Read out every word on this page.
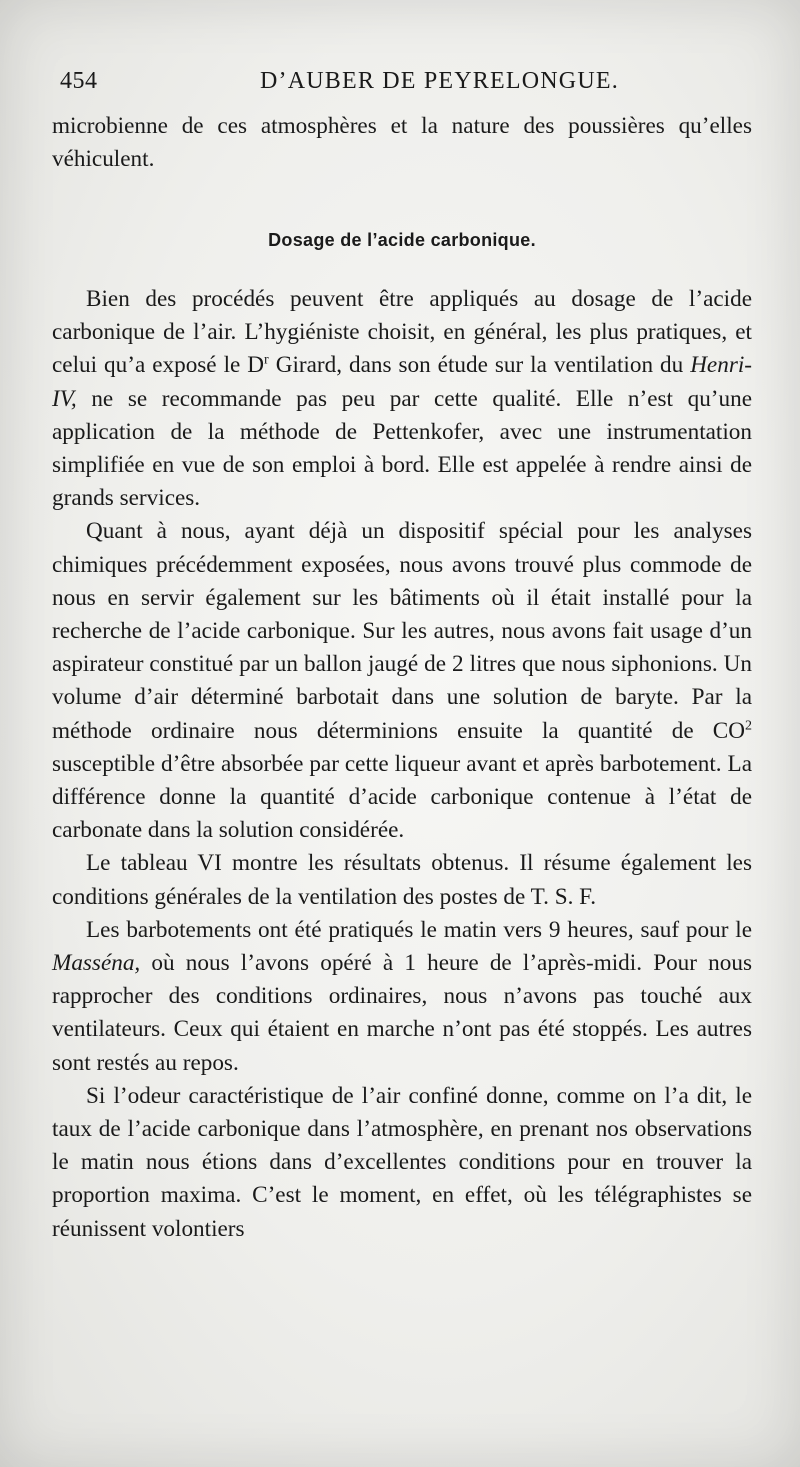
454	D’AUBER DE PEYRELONGUE.

microbienne de ces atmosphères et la nature des poussières qu’elles véhiculent.

Dosage de l’acide carbonique.

Bien des procédés peuvent être appliqués au dosage de l’acide carbonique de l’air. L’hygiéniste choisit, en général, les plus pratiques, et celui qu’a exposé le $D^r$ Girard, dans son étude sur la ventilation du Henri-IV, ne se recommande pas peu par cette qualité. Elle n’est qu’une application de la méthode de Pettenkofer, avec une instrumentation simplifiée en vue de son emploi à bord. Elle est appelée à rendre ainsi de grands services.

Quant à nous, ayant déjà un dispositif spécial pour les analyses chimiques précédemment exposées, nous avons trouvé plus commode de nous en servir également sur les bâtiments où il était installé pour la recherche de l’acide carbonique. Sur les autres, nous avons fait usage d’un aspirateur constitué par un ballon jaugé de 2 litres que nous siphonions. Un volume d’air déterminé barbotait dans une solution de baryte. Par la méthode ordinaire nous déterminions ensuite la quantité de $CO^2$ susceptible d’être absorbée par cette liqueur avant et après barbotement. La différence donne la quantité d’acide carbonique contenue à l’état de carbonate dans la solution considérée.

Le tableau VI montre les résultats obtenus. Il résume également les conditions générales de la ventilation des postes de T. S. F.

Les barbotements ont été pratiqués le matin vers 9 heures, sauf pour le Masséna, où nous l’avons opéré à 1 heure de l’après-midi. Pour nous rapprocher des conditions ordinaires, nous n’avons pas touché aux ventilateurs. Ceux qui étaient en marche n’ont pas été stoppés. Les autres sont restés au repos.

Si l’odeur caractéristique de l’air confiné donne, comme on l’a dit, le taux de l’acide carbonique dans l’atmosphère, en prenant nos observations le matin nous étions dans d’excellentes conditions pour en trouver la proportion maxima. C’est le moment, en effet, où les télégraphistes se réunissent volontiers
